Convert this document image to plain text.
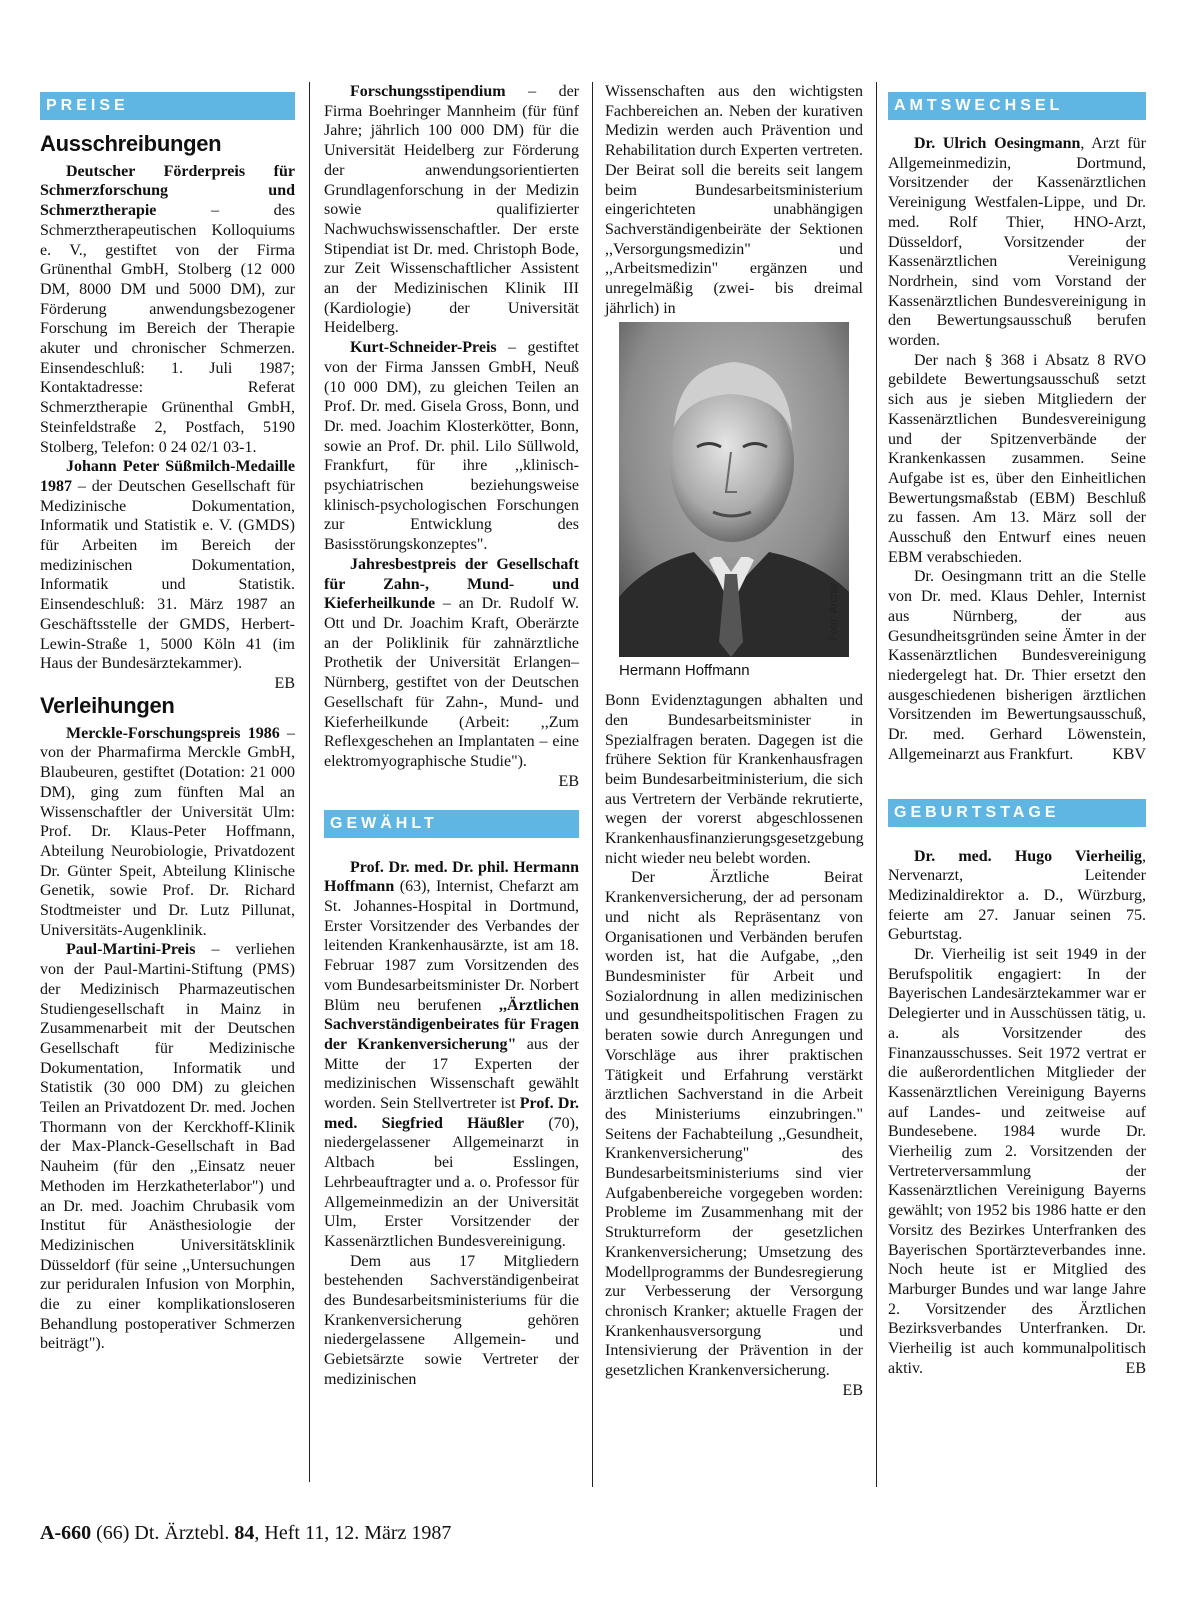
PREISE
Ausschreibungen

Deutscher Förderpreis für Schmerzforschung und Schmerztherapie – des Schmerztherapeutischen Kolloquiums e. V., gestiftet von der Firma Grünenthal GmbH, Stolberg (12 000 DM, 8000 DM und 5000 DM), zur Förderung anwendungsbezogener Forschung im Bereich der Therapie akuter und chronischer Schmerzen. Einsendeschluß: 1. Juli 1987; Kontaktadresse: Referat Schmerztherapie Grünenthal GmbH, Steinfeldstraße 2, Postfach, 5190 Stolberg, Telefon: 0 24 02/1 03-1.

Johann Peter Süßmilch-Medaille 1987 – der Deutschen Gesellschaft für Medizinische Dokumentation, Informatik und Statistik e. V. (GMDS) für Arbeiten im Bereich der medizinischen Dokumentation, Informatik und Statistik. Einsendeschluß: 31. März 1987 an Geschäftsstelle der GMDS, Herbert-Lewin-Straße 1, 5000 Köln 41 (im Haus der Bundesärztekammer).
EB

Verleihungen

Merckle-Forschungspreis 1986 – von der Pharmafirma Merckle GmbH, Blaubeuren, gestiftet (Dotation: 21 000 DM), ging zum fünften Mal an Wissenschaftler der Universität Ulm: Prof. Dr. Klaus-Peter Hoffmann, Abteilung Neurobiologie, Privatdozent Dr. Günter Speit, Abteilung Klinische Genetik, sowie Prof. Dr. Richard Stodtmeister und Dr. Lutz Pillunat, Universitäts-Augenklinik.

Paul-Martini-Preis – verliehen von der Paul-Martini-Stiftung (PMS) der Medizinisch Pharmazeutischen Studiengesellschaft in Mainz in Zusammenarbeit mit der Deutschen Gesellschaft für Medizinische Dokumentation, Informatik und Statistik (30 000 DM) zu gleichen Teilen an Privatdozent Dr. med. Jochen Thormann von der Kerckhoff-Klinik der Max-Planck-Gesellschaft in Bad Nauheim (für den ,,Einsatz neuer Methoden im Herzkatheterlabor") und an Dr. med. Joachim Chrubasik vom Institut für Anästhesiologie der Medizinischen Universitätsklinik Düsseldorf (für seine ,,Untersuchungen zur periduralen Infusion von Morphin, die zu einer komplikationsloseren Behandlung postoperativer Schmerzen beiträgt").

Forschungsstipendium – der Firma Boehringer Mannheim (für fünf Jahre; jährlich 100 000 DM) für die Universität Heidelberg zur Förderung der anwendungsorientierten Grundlagenforschung in der Medizin sowie qualifizierter Nachwuchswissenschaftler. Der erste Stipendiat ist Dr. med. Christoph Bode, zur Zeit Wissenschaftlicher Assistent an der Medizinischen Klinik III (Kardiologie) der Universität Heidelberg.

Kurt-Schneider-Preis – gestiftet von der Firma Janssen GmbH, Neuß (10 000 DM), zu gleichen Teilen an Prof. Dr. med. Gisela Gross, Bonn, und Dr. med. Joachim Klosterkötter, Bonn, sowie an Prof. Dr. phil. Lilo Süllwold, Frankfurt, für ihre ,,klinisch-psychiatrischen beziehungsweise klinisch-psychologischen Forschungen zur Entwicklung des Basisstörungskonzeptes".

Jahresbestpreis der Gesellschaft für Zahn-, Mund- und Kieferheilkunde – an Dr. Rudolf W. Ott und Dr. Joachim Kraft, Oberärzte an der Poliklinik für zahnärztliche Prothetik der Universität Erlangen–Nürnberg, gestiftet von der Deutschen Gesellschaft für Zahn-, Mund- und Kieferheilkunde (Arbeit: ,,Zum Reflexgeschehen an Implantaten – eine elektromyographische Studie").
EB

GEWÄHLT

Prof. Dr. med. Dr. phil. Hermann Hoffmann (63), Internist, Chefarzt am St. Johannes-Hospital in Dortmund, Erster Vorsitzender des Verbandes der leitenden Krankenhausärzte, ist am 18. Februar 1987 zum Vorsitzenden des vom Bundesarbeitsminister Dr. Norbert Blüm neu berufenen ,,Ärztlichen Sachverständigenbeirates für Fragen der Krankenversicherung" aus der Mitte der 17 Experten der medizinischen Wissenschaft gewählt worden. Sein Stellvertreter ist Prof. Dr. med. Siegfried Häußler (70), niedergelassener Allgemeinarzt in Altbach bei Esslingen, Lehrbeauftragter und a. o. Professor für Allgemeinmedizin an der Universität Ulm, Erster Vorsitzender der Kassenärztlichen Bundesvereinigung.

Dem aus 17 Mitgliedern bestehenden Sachverständigenbeirat des Bundesarbeitsministeriums für die Krankenversicherung gehören niedergelassene Allgemein- und Gebietsärzte sowie Vertreter der medizinischen

Wissenschaften aus den wichtigsten Fachbereichen an. Neben der kurativen Medizin werden auch Prävention und Rehabilitation durch Experten vertreten. Der Beirat soll die bereits seit langem beim Bundesarbeitsministerium eingerichteten unabhängigen Sachverständigenbeiräte der Sektionen ,,Versorgungsmedizin" und ,,Arbeitsmedizin" ergänzen und unregelmäßig (zwei- bis dreimal jährlich) in

Foto: Archiv
Hermann Hoffmann

Bonn Evidenztagungen abhalten und den Bundesarbeitsminister in Spezialfragen beraten. Dagegen ist die frühere Sektion für Krankenhausfragen beim Bundesarbeitministerium, die sich aus Vertretern der Verbände rekrutierte, wegen der vorerst abgeschlossenen Krankenhausfinanzierungsgesetzgebung nicht wieder neu belebt worden.

Der Ärztliche Beirat Krankenversicherung, der ad personam und nicht als Repräsentanz von Organisationen und Verbänden berufen worden ist, hat die Aufgabe, ,,den Bundesminister für Arbeit und Sozialordnung in allen medizinischen und gesundheitspolitischen Fragen zu beraten sowie durch Anregungen und Vorschläge aus ihrer praktischen Tätigkeit und Erfahrung verstärkt ärztlichen Sachverstand in die Arbeit des Ministeriums einzubringen." Seitens der Fachabteilung ,,Gesundheit, Krankenversicherung" des Bundesarbeitsministeriums sind vier Aufgabenbereiche vorgegeben worden: Probleme im Zusammenhang mit der Strukturreform der gesetzlichen Krankenversicherung; Umsetzung des Modellprogramms der Bundesregierung zur Verbesserung der Versorgung chronisch Kranker; aktuelle Fragen der Krankenhausversorgung und Intensivierung der Prävention in der gesetzlichen Krankenversicherung.
EB

AMTSWECHSEL

Dr. Ulrich Oesingmann, Arzt für Allgemeinmedizin, Dortmund, Vorsitzender der Kassenärztlichen Vereinigung Westfalen-Lippe, und Dr. med. Rolf Thier, HNO-Arzt, Düsseldorf, Vorsitzender der Kassenärztlichen Vereinigung Nordrhein, sind vom Vorstand der Kassenärztlichen Bundesvereinigung in den Bewertungsausschuß berufen worden.

Der nach § 368 i Absatz 8 RVO gebildete Bewertungsausschuß setzt sich aus je sieben Mitgliedern der Kassenärztlichen Bundesvereinigung und der Spitzenverbände der Krankenkassen zusammen. Seine Aufgabe ist es, über den Einheitlichen Bewertungsmaßstab (EBM) Beschluß zu fassen. Am 13. März soll der Ausschuß den Entwurf eines neuen EBM verabschieden.

Dr. Oesingmann tritt an die Stelle von Dr. med. Klaus Dehler, Internist aus Nürnberg, der aus Gesundheitsgründen seine Ämter in der Kassenärztlichen Bundesvereinigung niedergelegt hat. Dr. Thier ersetzt den ausgeschiedenen bisherigen ärztlichen Vorsitzenden im Bewertungsausschuß, Dr. med. Gerhard Löwenstein, Allgemeinarzt aus Frankfurt.	KBV

GEBURTSTAGE

Dr. med. Hugo Vierheilig, Nervenarzt, Leitender Medizinaldirektor a. D., Würzburg, feierte am 27. Januar seinen 75. Geburtstag.

Dr. Vierheilig ist seit 1949 in der Berufspolitik engagiert: In der Bayerischen Landesärztekammer war er Delegierter und in Ausschüssen tätig, u. a. als Vorsitzender des Finanzausschusses. Seit 1972 vertrat er die außerordentlichen Mitglieder der Kassenärztlichen Vereinigung Bayerns auf Landes- und zeitweise auf Bundesebene. 1984 wurde Dr. Vierheilig zum 2. Vorsitzenden der Vertreterversammlung der Kassenärztlichen Vereinigung Bayerns gewählt; von 1952 bis 1986 hatte er den Vorsitz des Bezirkes Unterfranken des Bayerischen Sportärzteverbandes inne. Noch heute ist er Mitglied des Marburger Bundes und war lange Jahre 2. Vorsitzender des Ärztlichen Bezirksverbandes Unterfranken. Dr. Vierheilig ist auch kommunalpolitisch aktiv.	EB

A-660 (66) Dt. Ärztebl. 84, Heft 11, 12. März 1987
